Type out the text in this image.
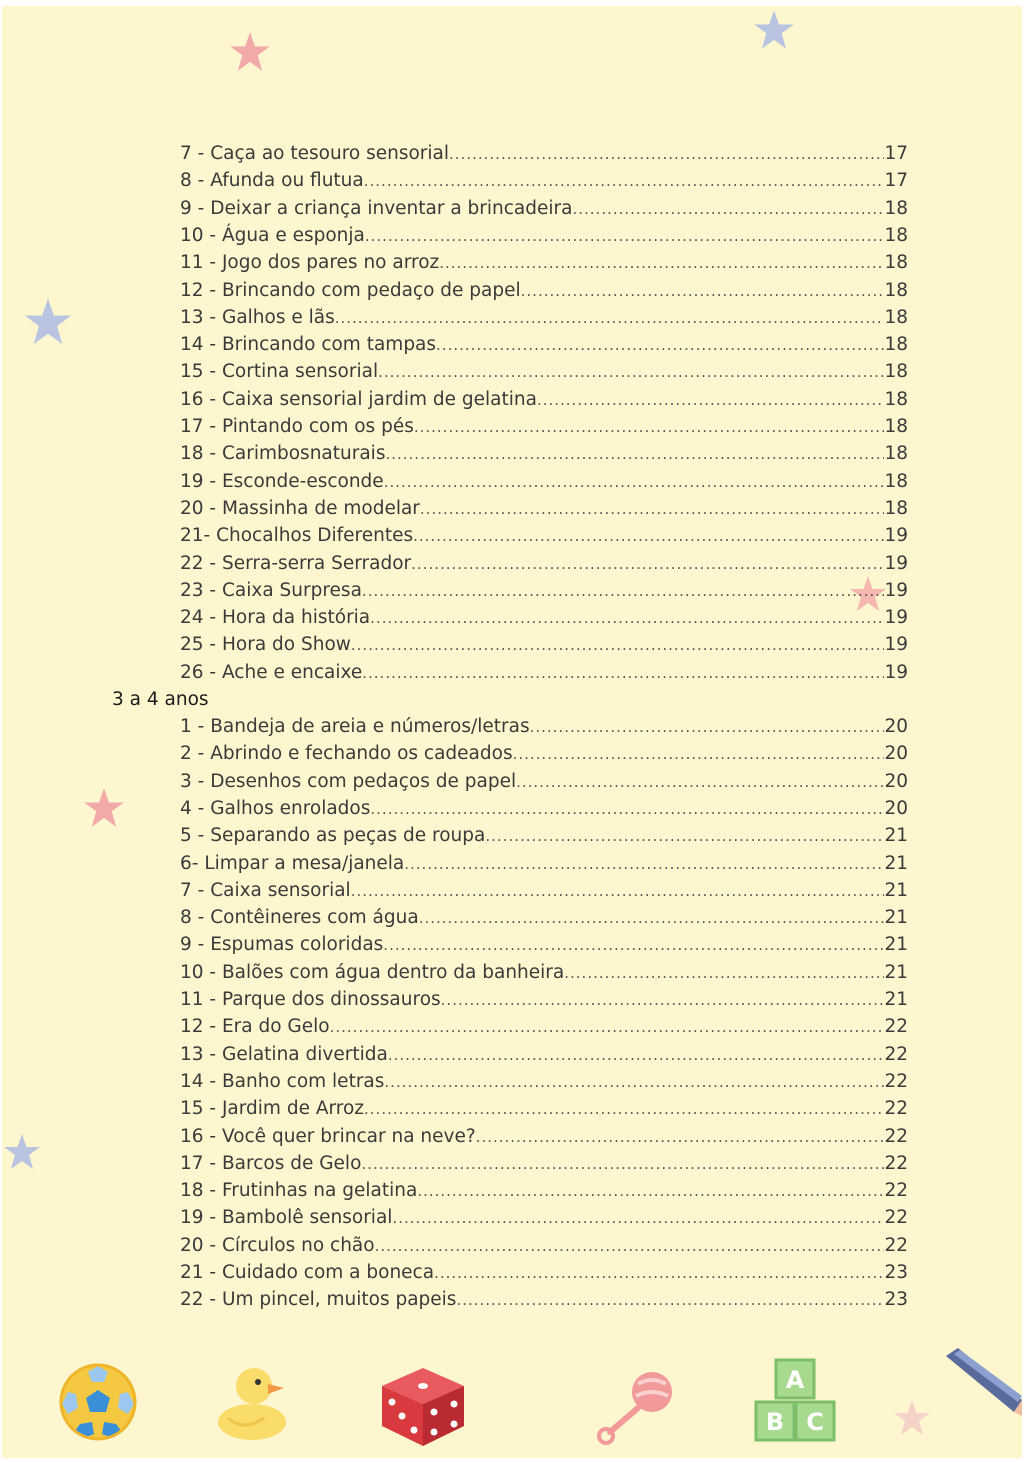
7 - Caça ao tesouro sensorial .....	17
8 - Afunda ou flutua .....	17
9 - Deixar a criança inventar a brincadeira .....	18
10 - Água e esponja .....	18
11 - Jogo dos pares no arroz .....	18
12 - Brincando com pedaço de papel .....	18
13 - Galhos e lãs .....	18
14 - Brincando com tampas .....	18
15 - Cortina sensorial .....	18
16 - Caixa sensorial jardim de gelatina .....	18
17 - Pintando com os pés .....	18
18 - Carimbosnaturais .....	18
19 - Esconde-esconde .....	18
20 - Massinha de modelar .....	18
21- Chocalhos Diferentes .....	19
22 - Serra-serra Serrador .....	19
23 - Caixa Surpresa .....	19
24 - Hora da história .....	19
25 - Hora do Show .....	19
26 - Ache e encaixe .....	19
3 a 4 anos
1 - Bandeja de areia e números/letras .....	20
2 - Abrindo e fechando os cadeados .....	20
3 - Desenhos com pedaços de papel .....	20
4 - Galhos enrolados .....	20
5 - Separando as peças de roupa .....	21
6- Limpar a mesa/janela .....	21
7 - Caixa sensorial .....	21
8 - Contêineres com água .....	21
9 - Espumas coloridas .....	21
10 - Balões com água dentro da banheira .....	21
11 - Parque dos dinossauros .....	21
12 - Era do Gelo .....	22
13 - Gelatina divertida .....	22
14 - Banho com letras .....	22
15 - Jardim de Arroz .....	22
16 - Você quer brincar na neve? .....	22
17 - Barcos de Gelo .....	22
18 - Frutinhas na gelatina .....	22
19 - Bambolê sensorial .....	22
20 - Círculos no chão .....	22
21 - Cuidado com a boneca .....	23
22 - Um pincel, muitos papeis .....	23
A
B C
